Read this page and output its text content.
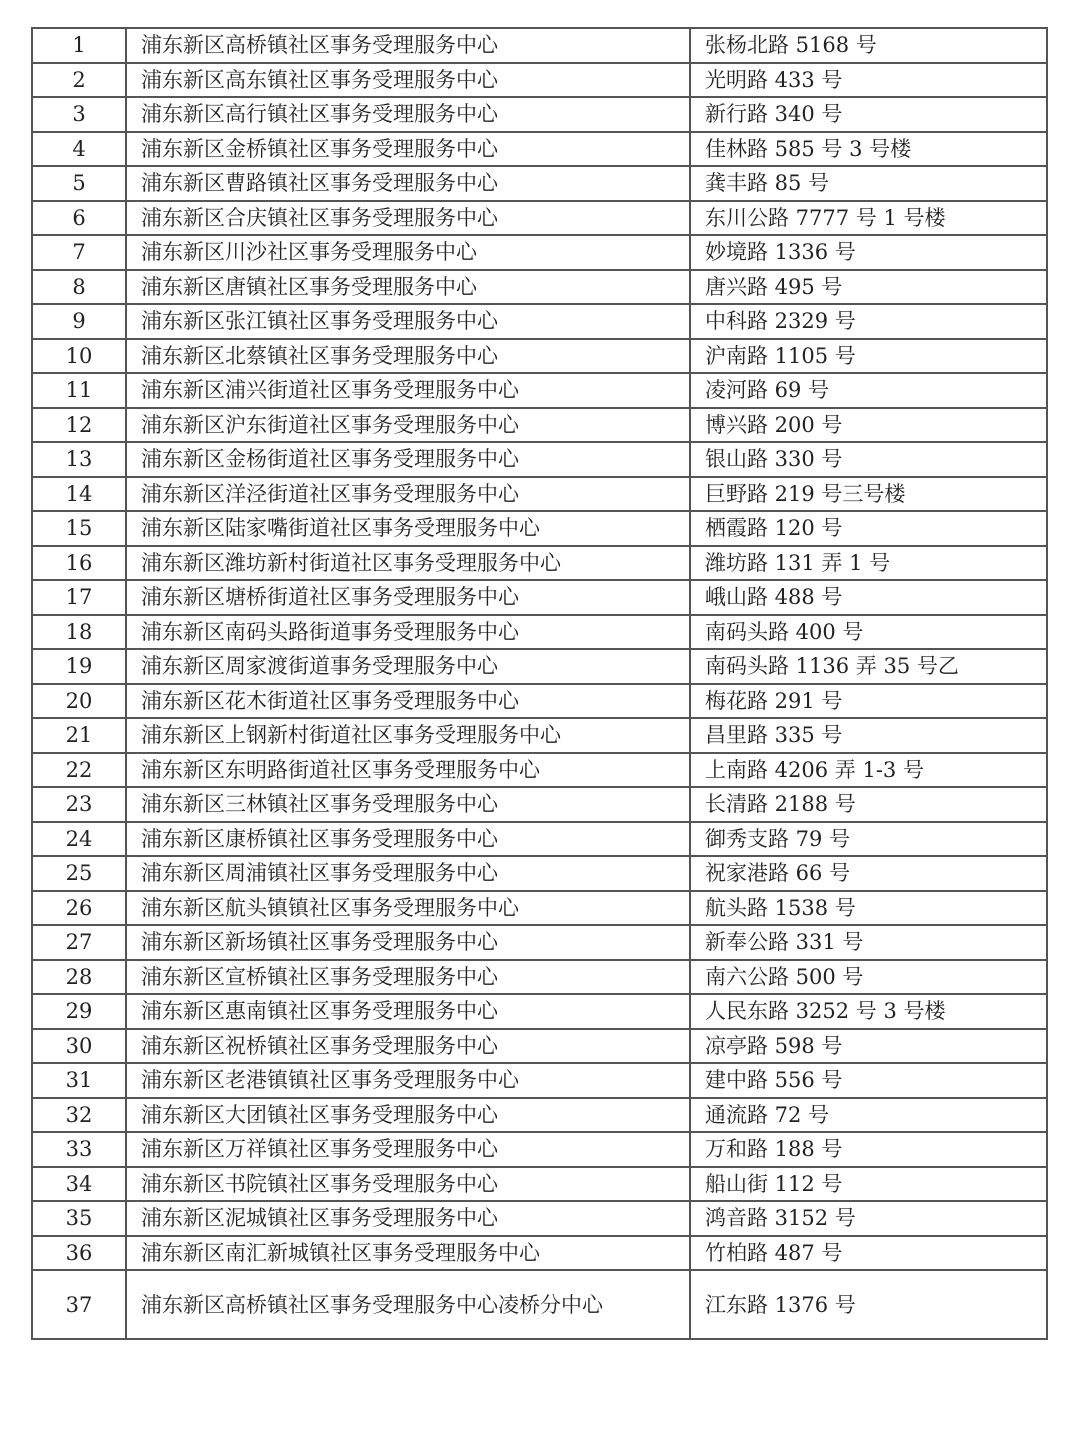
1	浦东新区高桥镇社区事务受理服务中心	张杨北路 5168 号
2	浦东新区高东镇社区事务受理服务中心	光明路 433 号
3	浦东新区高行镇社区事务受理服务中心	新行路 340 号
4	浦东新区金桥镇社区事务受理服务中心	佳林路 585 号 3 号楼
5	浦东新区曹路镇社区事务受理服务中心	龚丰路 85 号
6	浦东新区合庆镇社区事务受理服务中心	东川公路 7777 号 1 号楼
7	浦东新区川沙社区事务受理服务中心	妙境路 1336 号
8	浦东新区唐镇社区事务受理服务中心	唐兴路 495 号
9	浦东新区张江镇社区事务受理服务中心	中科路 2329 号
10	浦东新区北蔡镇社区事务受理服务中心	沪南路 1105 号
11	浦东新区浦兴街道社区事务受理服务中心	凌河路 69 号
12	浦东新区沪东街道社区事务受理服务中心	博兴路 200 号
13	浦东新区金杨街道社区事务受理服务中心	银山路 330 号
14	浦东新区洋泾街道社区事务受理服务中心	巨野路 219 号三号楼
15	浦东新区陆家嘴街道社区事务受理服务中心	栖霞路 120 号
16	浦东新区潍坊新村街道社区事务受理服务中心	潍坊路 131 弄 1 号
17	浦东新区塘桥街道社区事务受理服务中心	峨山路 488 号
18	浦东新区南码头路街道事务受理服务中心	南码头路 400 号
19	浦东新区周家渡街道事务受理服务中心	南码头路 1136 弄 35 号乙
20	浦东新区花木街道社区事务受理服务中心	梅花路 291 号
21	浦东新区上钢新村街道社区事务受理服务中心	昌里路 335 号
22	浦东新区东明路街道社区事务受理服务中心	上南路 4206 弄 1-3 号
23	浦东新区三林镇社区事务受理服务中心	长清路 2188 号
24	浦东新区康桥镇社区事务受理服务中心	御秀支路 79 号
25	浦东新区周浦镇社区事务受理服务中心	祝家港路 66 号
26	浦东新区航头镇镇社区事务受理服务中心	航头路 1538 号
27	浦东新区新场镇社区事务受理服务中心	新奉公路 331 号
28	浦东新区宣桥镇社区事务受理服务中心	南六公路 500 号
29	浦东新区惠南镇社区事务受理服务中心	人民东路 3252 号 3 号楼
30	浦东新区祝桥镇社区事务受理服务中心	凉亭路 598 号
31	浦东新区老港镇镇社区事务受理服务中心	建中路 556 号
32	浦东新区大团镇社区事务受理服务中心	通流路 72 号
33	浦东新区万祥镇社区事务受理服务中心	万和路 188 号
34	浦东新区书院镇社区事务受理服务中心	船山街 112 号
35	浦东新区泥城镇社区事务受理服务中心	鸿音路 3152 号
36	浦东新区南汇新城镇社区事务受理服务中心	竹柏路 487 号
37	浦东新区高桥镇社区事务受理服务中心凌桥分中心	江东路 1376 号
